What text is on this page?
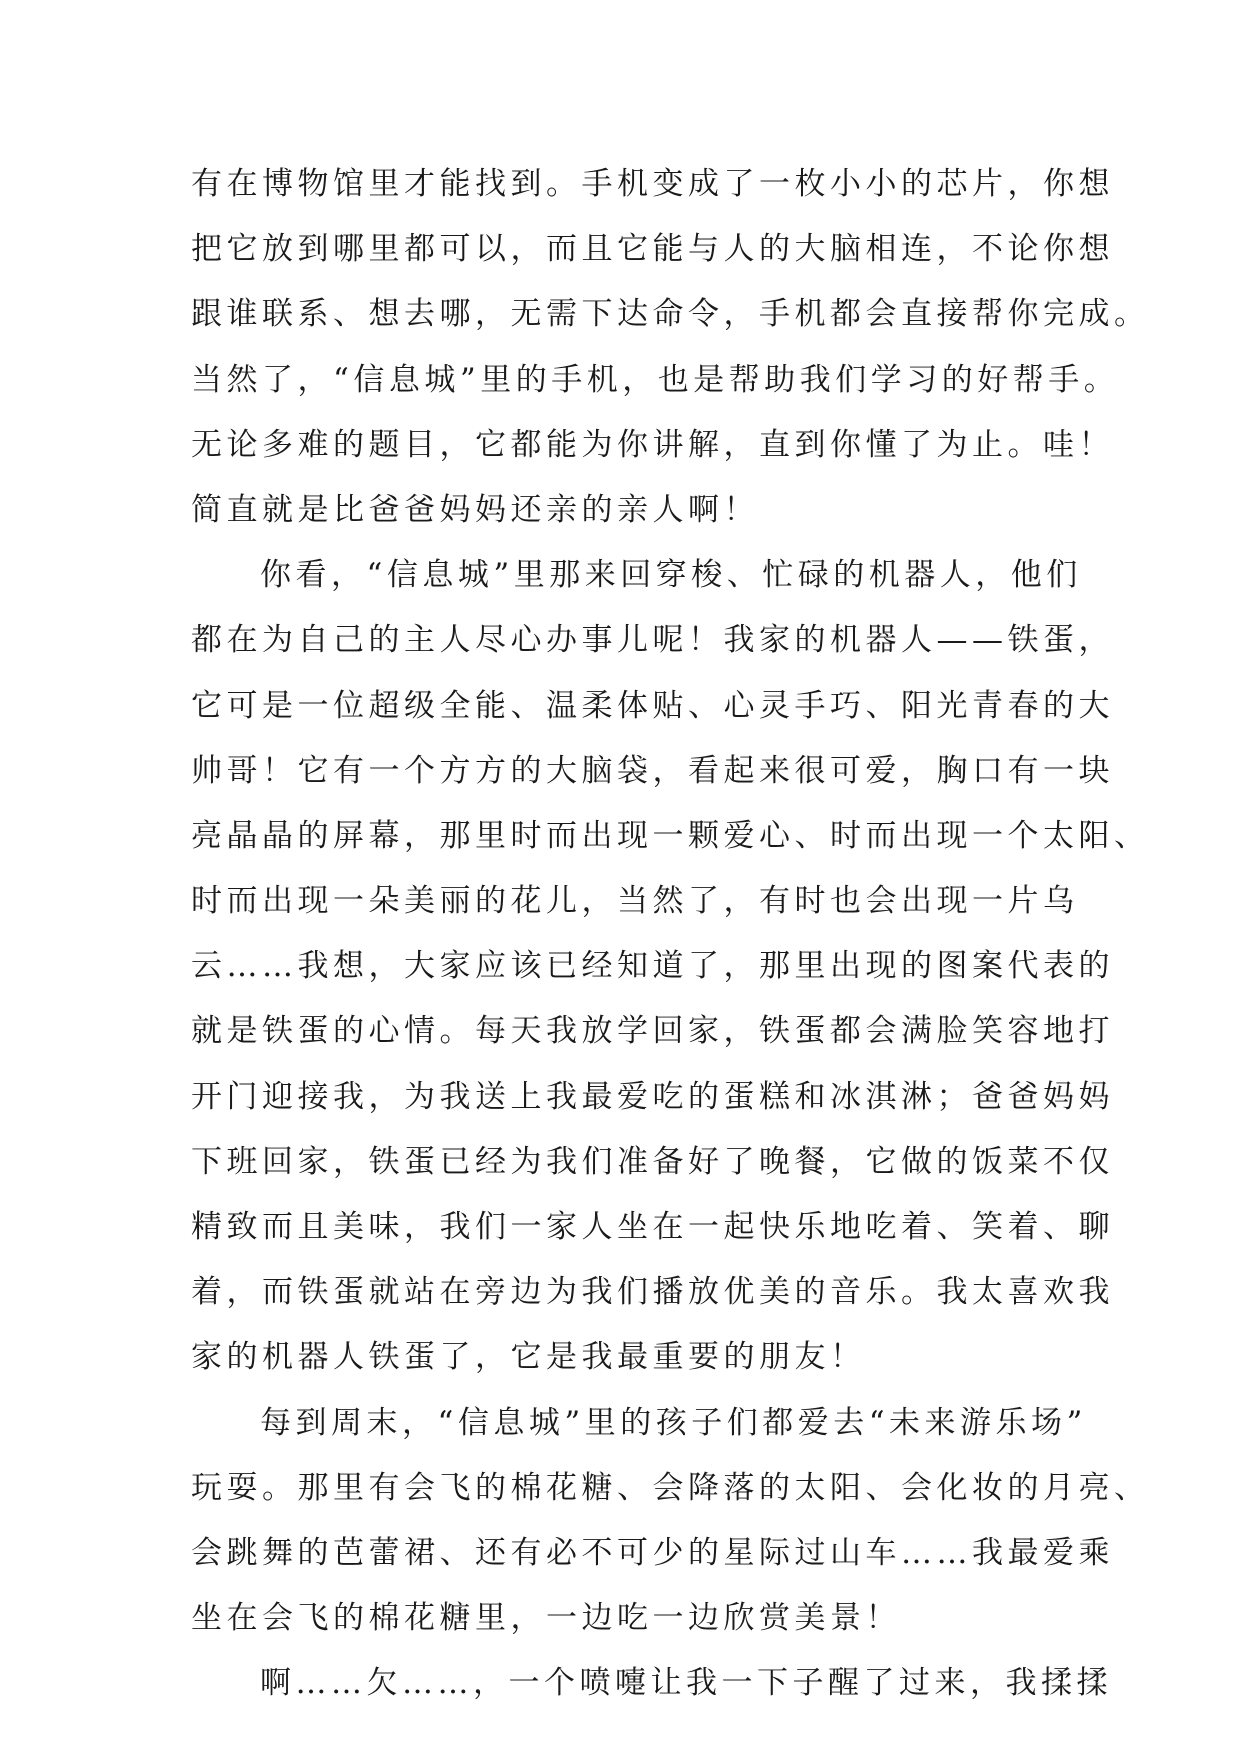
有在博物馆里才能找到。手机变成了一枚小小的芯片，你想
把它放到哪里都可以，而且它能与人的大脑相连，不论你想
跟谁联系、想去哪，无需下达命令，手机都会直接帮你完成。
当然了，“信息城”里的手机，也是帮助我们学习的好帮手。
无论多难的题目，它都能为你讲解，直到你懂了为止。哇！
简直就是比爸爸妈妈还亲的亲人啊！
你看，“信息城”里那来回穿梭、忙碌的机器人，他们
都在为自己的主人尽心办事儿呢！我家的机器人——铁蛋，
它可是一位超级全能、温柔体贴、心灵手巧、阳光青春的大
帅哥！它有一个方方的大脑袋，看起来很可爱，胸口有一块
亮晶晶的屏幕，那里时而出现一颗爱心、时而出现一个太阳、
时而出现一朵美丽的花儿，当然了，有时也会出现一片乌
云……我想，大家应该已经知道了，那里出现的图案代表的
就是铁蛋的心情。每天我放学回家，铁蛋都会满脸笑容地打
开门迎接我，为我送上我最爱吃的蛋糕和冰淇淋；爸爸妈妈
下班回家，铁蛋已经为我们准备好了晚餐，它做的饭菜不仅
精致而且美味，我们一家人坐在一起快乐地吃着、笑着、聊
着，而铁蛋就站在旁边为我们播放优美的音乐。我太喜欢我
家的机器人铁蛋了，它是我最重要的朋友！
每到周末，“信息城”里的孩子们都爱去“未来游乐场”
玩耍。那里有会飞的棉花糖、会降落的太阳、会化妆的月亮、
会跳舞的芭蕾裙、还有必不可少的星际过山车……我最爱乘
坐在会飞的棉花糖里，一边吃一边欣赏美景！
啊……欠……，一个喷嚏让我一下子醒了过来，我揉揉
